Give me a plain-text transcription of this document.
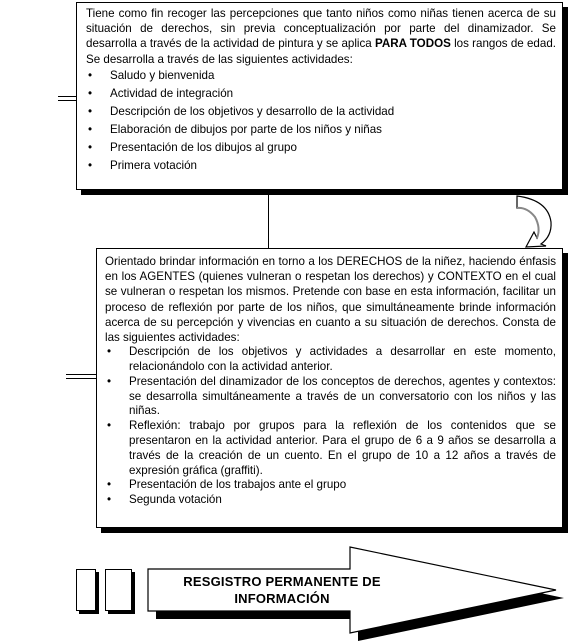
Tiene como fin recoger las percepciones que tanto niños como niñas tienen acerca de su situación de derechos, sin previa conceptualización por parte del dinamizador. Se desarrolla a través de la actividad de pintura y se aplica PARA TODOS los rangos de edad. Se desarrolla a través de las siguientes actividades:

• Saludo y bienvenida
• Actividad de integración
• Descripción de los objetivos y desarrollo de la actividad
• Elaboración de dibujos por parte de los niños y niñas
• Presentación de los dibujos al grupo
• Primera votación

Orientado brindar información en torno a los DERECHOS de la niñez, haciendo énfasis en los AGENTES (quienes vulneran o respetan los derechos) y CONTEXTO en el cual se vulneran o respetan los mismos. Pretende con base en esta información, facilitar un proceso de reflexión por parte de los niños, que simultáneamente brinde información acerca de su percepción y vivencias en cuanto a su situación de derechos. Consta de las siguientes actividades:

• Descripción de los objetivos y actividades a desarrollar en este momento, relacionándolo con la actividad anterior.
• Presentación del dinamizador de los conceptos de derechos, agentes y contextos: se desarrolla simultáneamente a través de un conversatorio con los niños y las niñas.
• Reflexión: trabajo por grupos para la reflexión de los contenidos que se presentaron en la actividad anterior. Para el grupo de 6 a 9 años se desarrolla a través de la creación de un cuento. En el grupo de 10 a 12 años a través de expresión gráfica (graffiti).
• Presentación de los trabajos ante el grupo
• Segunda votación
RESGISTRO PERMANENTE DE
INFORMACIÓN
